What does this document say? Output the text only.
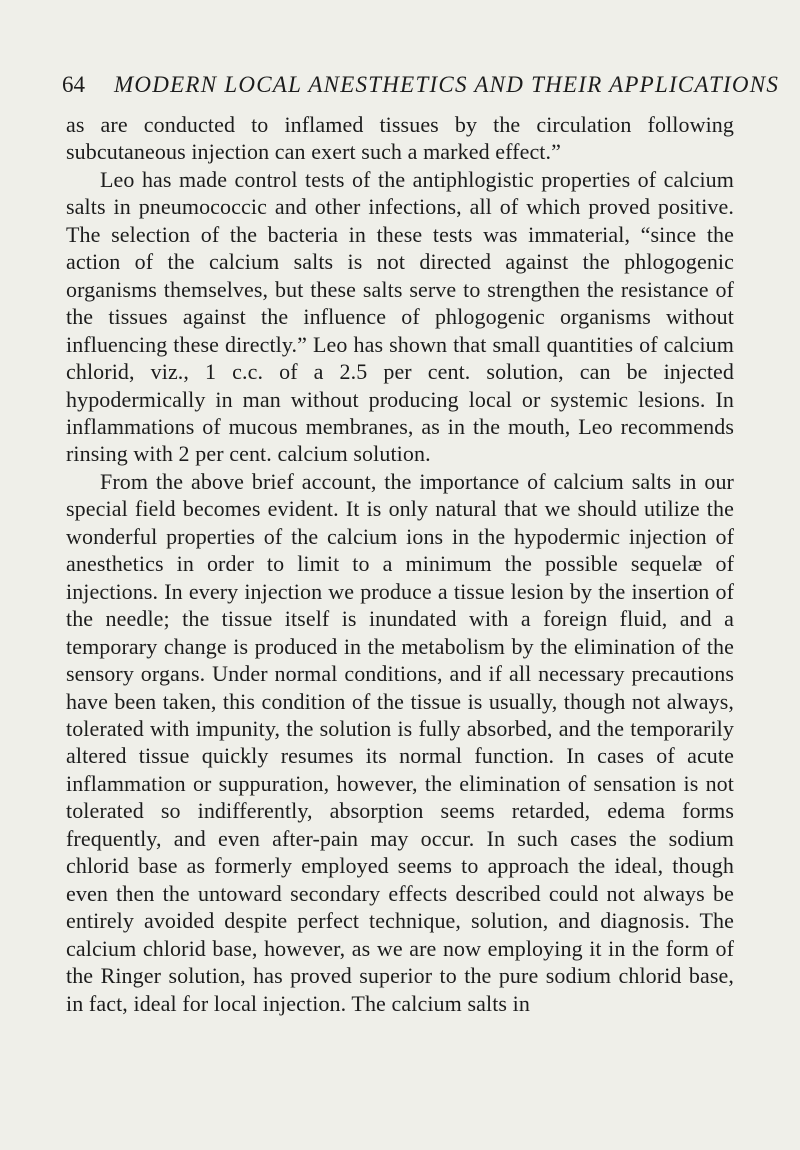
64 MODERN LOCAL ANESTHETICS AND THEIR APPLICATIONS

as are conducted to inflamed tissues by the circulation following subcutaneous injection can exert such a marked effect.”

Leo has made control tests of the antiphlogistic properties of calcium salts in pneumococcic and other infections, all of which proved positive. The selection of the bacteria in these tests was immaterial, “since the action of the calcium salts is not directed against the phlogogenic organisms themselves, but these salts serve to strengthen the resistance of the tissues against the influence of phlogogenic organisms without influencing these directly.” Leo has shown that small quantities of calcium chlorid, viz., 1 c.c. of a 2.5 per cent. solution, can be injected hypodermically in man without producing local or systemic lesions. In inflammations of mucous membranes, as in the mouth, Leo recommends rinsing with 2 per cent. calcium solution.

From the above brief account, the importance of calcium salts in our special field becomes evident. It is only natural that we should utilize the wonderful properties of the calcium ions in the hypodermic injection of anesthetics in order to limit to a minimum the possible sequelæ of injections. In every injection we produce a tissue lesion by the insertion of the needle; the tissue itself is inundated with a foreign fluid, and a temporary change is produced in the metabolism by the elimination of the sensory organs. Under normal conditions, and if all necessary precautions have been taken, this condition of the tissue is usually, though not always, tolerated with impunity, the solution is fully absorbed, and the temporarily altered tissue quickly resumes its normal function. In cases of acute inflammation or suppuration, however, the elimination of sensation is not tolerated so indifferently, absorption seems retarded, edema forms frequently, and even after-pain may occur. In such cases the sodium chlorid base as formerly employed seems to approach the ideal, though even then the untoward secondary effects described could not always be entirely avoided despite perfect technique, solution, and diagnosis. The calcium chlorid base, however, as we are now employing it in the form of the Ringer solution, has proved superior to the pure sodium chlorid base, in fact, ideal for local injection. The calcium salts in
